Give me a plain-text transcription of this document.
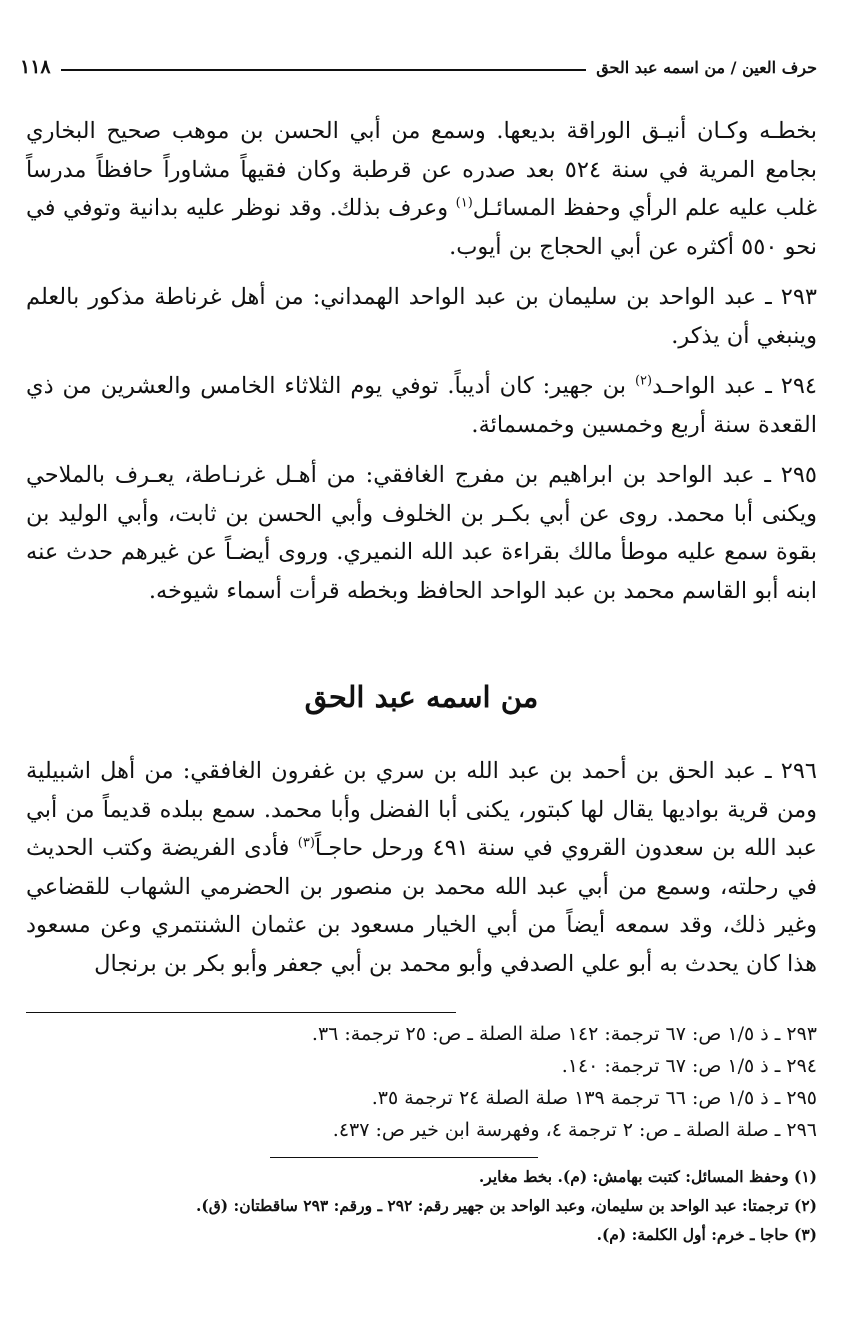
حرف العين / من اسمه عبد الحق
١١٨

بخطـه وكـان أنيـق الوراقة بديعها. وسمع من أبي الحسن بن موهب صحيح البخاري بجامع المرية في سنة ٥٢٤ بعد صدره عن قرطبة وكان فقيهاً مشاوراً حافظاً مدرساً غلب عليه علم الرأي وحفظ المسائـل$^{(١)}$ وعرف بذلك. وقد نوظر عليه بدانية وتوفي في نحو ٥٥٠ أكثره عن أبي الحجاج بن أيوب.

٢٩٣ ـ عبد الواحد بن سليمان بن عبد الواحد الهمداني: من أهل غرناطة مذكور بالعلم وينبغي أن يذكر.

٢٩٤ ـ عبد الواحـد$^{(٢)}$ بن جهير: كان أديباً. توفي يوم الثلاثاء الخامس والعشرين من ذي القعدة سنة أربع وخمسين وخمسمائة.

٢٩٥ ـ عبد الواحد بن ابراهيم بن مفرج الغافقي: من أهـل غرنـاطة، يعـرف بالملاحي ويكنى أبا محمد. روى عن أبي بكـر بن الخلوف وأبي الحسن بن ثابت، وأبي الوليد بن بقوة سمع عليه موطأ مالك بقراءة عبد الله النميري. وروى أيضـاً عن غيرهم حدث عنه ابنه أبو القاسم محمد بن عبد الواحد الحافظ وبخطه قرأت أسماء شيوخه.

من اسمه عبد الحق
٢٩٦ ـ عبد الحق بن أحمد بن عبد الله بن سري بن غفرون الغافقي: من أهل اشبيلية ومن قرية بواديها يقال لها كبتور، يكنى أبا الفضل وأبا محمد. سمع ببلده قديماً من أبي عبد الله بن سعدون القروي في سنة ٤٩١ ورحل حاجـاً$^{(٣)}$ فأدى الفريضة وكتب الحديث في رحلته، وسمع من أبي عبد الله محمد بن منصور بن الحضرمي الشهاب للقضاعي وغير ذلك، وقد سمعه أيضاً من أبي الخيار مسعود بن عثمان الشنتمري وعن مسعود هذا كان يحدث به أبو علي الصدفي وأبو محمد بن أبي جعفر وأبو بكر بن برنجال
٢٩٣ ـ ذ ١/٥ ص: ٦٧ ترجمة: ١٤٢ صلة الصلة ـ ص: ٢٥ ترجمة: ٣٦.
٢٩٤ ـ ذ ١/٥ ص: ٦٧ ترجمة: ١٤٠.
٢٩٥ ـ ذ ١/٥ ص: ٦٦ ترجمة ١٣٩ صلة الصلة ٢٤ ترجمة ٣٥.
٢٩٦ ـ صلة الصلة ـ ص: ٢ ترجمة ٤، وفهرسة ابن خير ص: ٤٣٧.
(١) وحفظ المسائل: كتبت بهامش: (م). بخط مغاير.
(٢) ترجمتا: عبد الواحد بن سليمان، وعبد الواحد بن جهير رقم: ٢٩٢ ـ ورقم: ٢٩٣ ساقطتان: (ق).
(٣) حاجا ـ خرم: أول الكلمة: (م).
